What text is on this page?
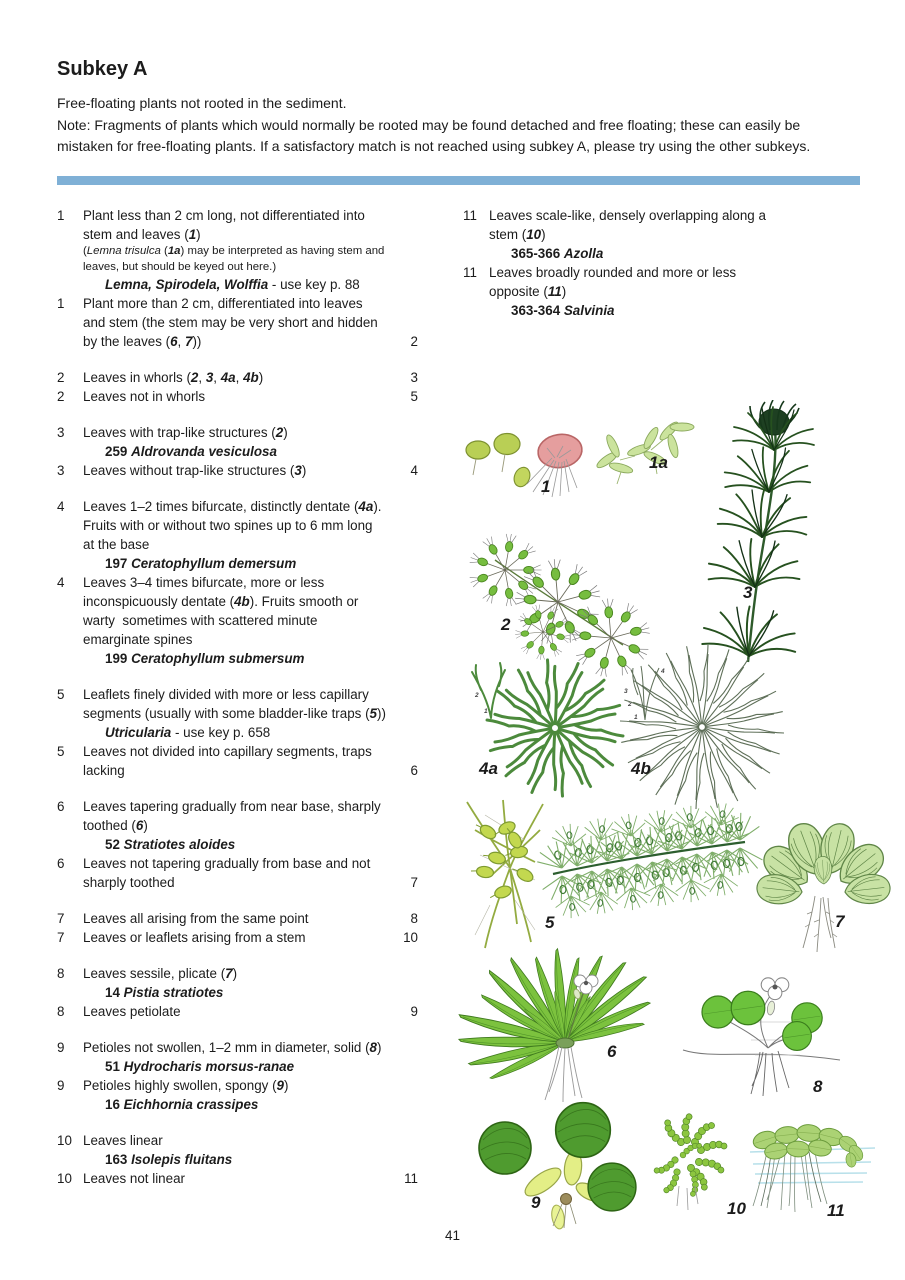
Subkey A
Free-floating plants not rooted in the sediment.
Note: Fragments of plants which would normally be rooted may be found detached and free floating; these can easily be
mistaken for free-floating plants. If a satisfactory match is not reached using subkey A, please try using the other subkeys.
1	Plant less than 2 cm long, not differentiated into
stem and leaves (1)
(Lemna trisulca (1a) may be interpreted as having stem and
leaves, but should be keyed out here.)
Lemna, Spirodela, Wolffia - use key p. 88
1	Plant more than 2 cm, differentiated into leaves
and stem (the stem may be very short and hidden
by the leaves (6, 7))	2
2	Leaves in whorls (2, 3, 4a, 4b)	3
2	Leaves not in whorls	5
3	Leaves with trap-like structures (2)
259 Aldrovanda vesiculosa
3	Leaves without trap-like structures (3)	4
4	Leaves 1–2 times bifurcate, distinctly dentate (4a).
Fruits with or without two spines up to 6 mm long
at the base
197 Ceratophyllum demersum
4	Leaves 3–4 times bifurcate, more or less
inconspicuously dentate (4b). Fruits smooth or
warty  sometimes with scattered minute
emarginate spines
199 Ceratophyllum submersum
5	Leaflets finely divided with more or less capillary
segments (usually with some bladder-like traps (5))
Utricularia - use key p. 658
5	Leaves not divided into capillary segments, traps
lacking	6
6	Leaves tapering gradually from near base, sharply
toothed (6)
52 Stratiotes aloides
6	Leaves not tapering gradually from base and not
sharply toothed	7
7	Leaves all arising from the same point	8
7	Leaves or leaflets arising from a stem	10
8	Leaves sessile, plicate (7)
14 Pistia stratiotes
8	Leaves petiolate	9
9	Petioles not swollen, 1–2 mm in diameter, solid (8)
51 Hydrocharis morsus-ranae
9	Petioles highly swollen, spongy (9)
16 Eichhornia crassipes
10 Leaves linear
163 Isolepis fluitans
10 Leaves not linear	11
11 Leaves scale-like, densely overlapping along a
stem (10)
365-366 Azolla
11 Leaves broadly rounded and more or less
opposite (11)
363-364 Salvinia
1
1a
3
2
2
1
4a
4
3
2
1
4b
5	7
6
8
9	10	11
41
